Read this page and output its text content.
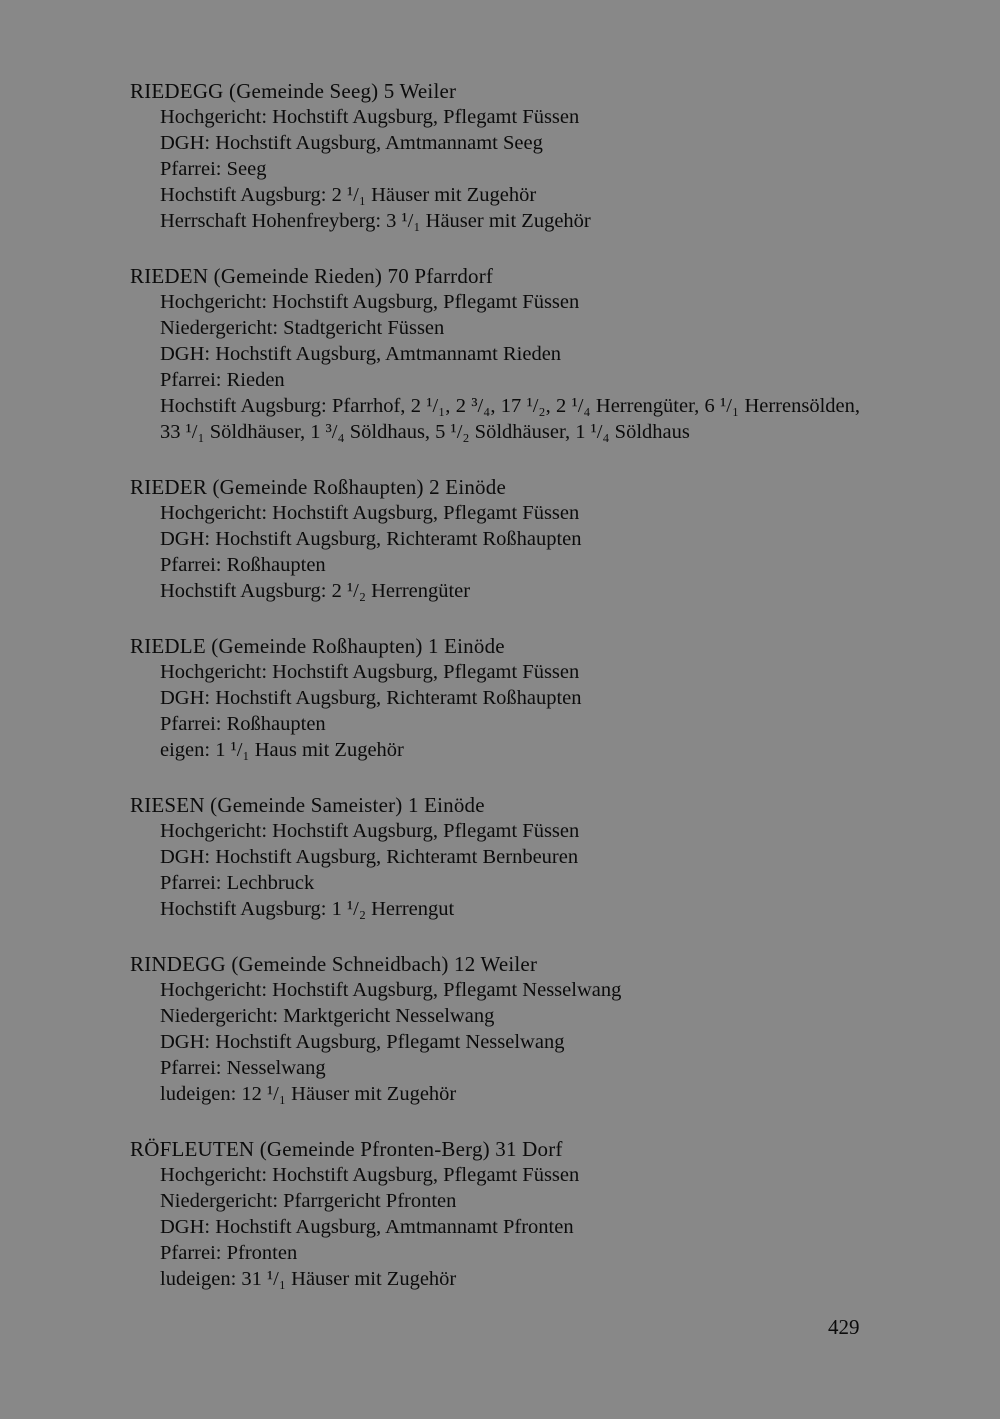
RIEDEGG (Gemeinde Seeg) 5 Weiler
Hochgericht: Hochstift Augsburg, Pflegamt Füssen
DGH: Hochstift Augsburg, Amtmannamt Seeg
Pfarrei: Seeg
Hochstift Augsburg: 2 ¹/₁ Häuser mit Zugehör
Herrschaft Hohenfreyberg: 3 ¹/₁ Häuser mit Zugehör
RIEDEN (Gemeinde Rieden) 70 Pfarrdorf
Hochgericht: Hochstift Augsburg, Pflegamt Füssen
Niedergericht: Stadtgericht Füssen
DGH: Hochstift Augsburg, Amtmannamt Rieden
Pfarrei: Rieden
Hochstift Augsburg: Pfarrhof, 2 ¹/₁, 2 ³/₄, 17 ¹/₂, 2 ¹/₄ Herrengüter, 6 ¹/₁ Herrensölden, 33 ¹/₁ Söldhäuser, 1 ³/₄ Söldhaus, 5 ¹/₂ Söldhäuser, 1 ¹/₄ Söldhaus
RIEDER (Gemeinde Roßhaupten) 2 Einöde
Hochgericht: Hochstift Augsburg, Pflegamt Füssen
DGH: Hochstift Augsburg, Richteramt Roßhaupten
Pfarrei: Roßhaupten
Hochstift Augsburg: 2 ¹/₂ Herrengüter
RIEDLE (Gemeinde Roßhaupten) 1 Einöde
Hochgericht: Hochstift Augsburg, Pflegamt Füssen
DGH: Hochstift Augsburg, Richteramt Roßhaupten
Pfarrei: Roßhaupten
eigen: 1 ¹/₁ Haus mit Zugehör
RIESEN (Gemeinde Sameister) 1 Einöde
Hochgericht: Hochstift Augsburg, Pflegamt Füssen
DGH: Hochstift Augsburg, Richteramt Bernbeuren
Pfarrei: Lechbruck
Hochstift Augsburg: 1 ¹/₂ Herrengut
RINDEGG (Gemeinde Schneidbach) 12 Weiler
Hochgericht: Hochstift Augsburg, Pflegamt Nesselwang
Niedergericht: Marktgericht Nesselwang
DGH: Hochstift Augsburg, Pflegamt Nesselwang
Pfarrei: Nesselwang
ludeigen: 12 ¹/₁ Häuser mit Zugehör
RÖFLEUTEN (Gemeinde Pfronten-Berg) 31 Dorf
Hochgericht: Hochstift Augsburg, Pflegamt Füssen
Niedergericht: Pfarrgericht Pfronten
DGH: Hochstift Augsburg, Amtmannamt Pfronten
Pfarrei: Pfronten
ludeigen: 31 ¹/₁ Häuser mit Zugehör
429
